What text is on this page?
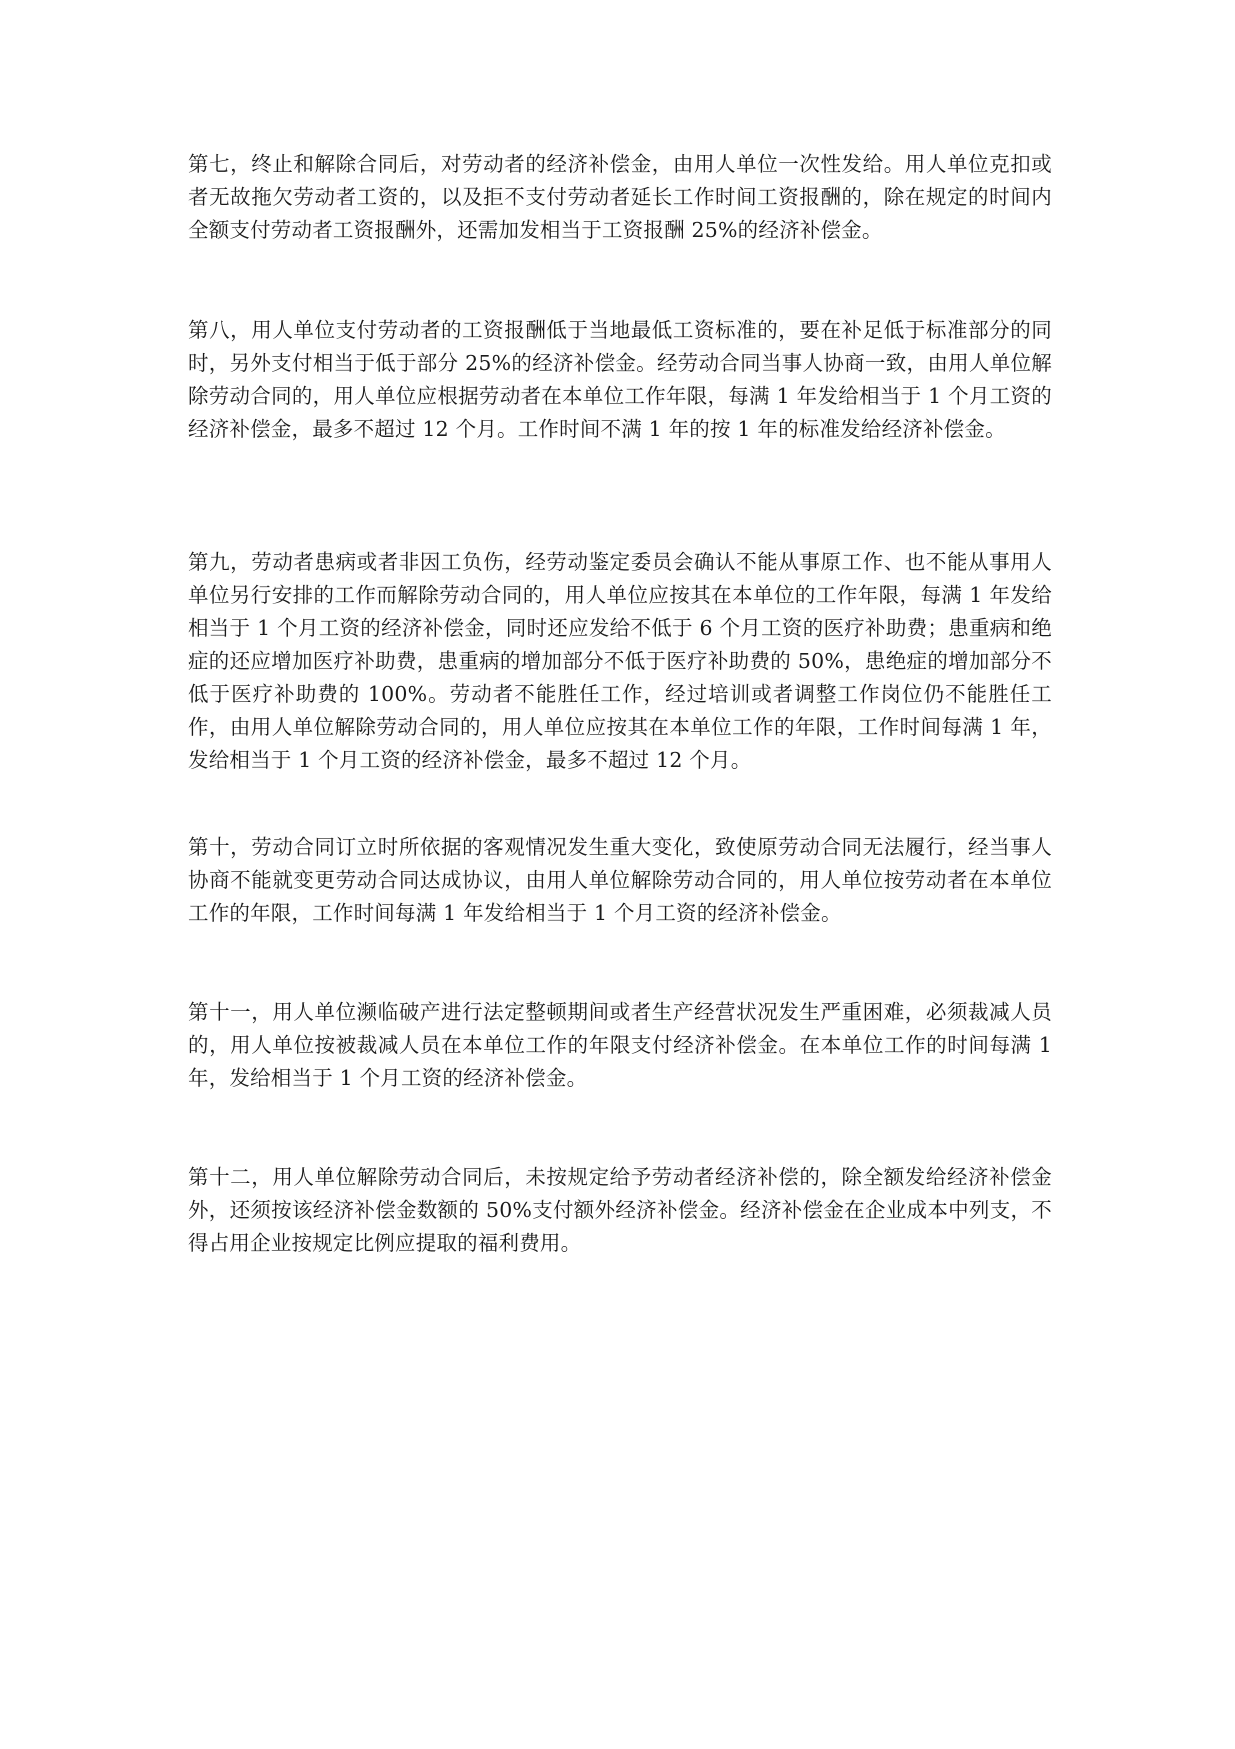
第七，终止和解除合同后，对劳动者的经济补偿金，由用人单位一次性发给。用人单位克扣或者无故拖欠劳动者工资的，以及拒不支付劳动者延长工作时间工资报酬的，除在规定的时间内全额支付劳动者工资报酬外，还需加发相当于工资报酬 25%的经济补偿金。

第八，用人单位支付劳动者的工资报酬低于当地最低工资标准的，要在补足低于标准部分的同时，另外支付相当于低于部分 25%的经济补偿金。经劳动合同当事人协商一致，由用人单位解除劳动合同的，用人单位应根据劳动者在本单位工作年限，每满 1 年发给相当于 1 个月工资的经济补偿金，最多不超过 12 个月。工作时间不满 1 年的按 1 年的标准发给经济补偿金。

第九，劳动者患病或者非因工负伤，经劳动鉴定委员会确认不能从事原工作、也不能从事用人单位另行安排的工作而解除劳动合同的，用人单位应按其在本单位的工作年限，每满 1 年发给相当于 1 个月工资的经济补偿金，同时还应发给不低于 6 个月工资的医疗补助费；患重病和绝症的还应增加医疗补助费，患重病的增加部分不低于医疗补助费的 50%，患绝症的增加部分不低于医疗补助费的 100%。劳动者不能胜任工作，经过培训或者调整工作岗位仍不能胜任工作，由用人单位解除劳动合同的，用人单位应按其在本单位工作的年限，工作时间每满 1 年，发给相当于 1 个月工资的经济补偿金，最多不超过 12 个月。

第十，劳动合同订立时所依据的客观情况发生重大变化，致使原劳动合同无法履行，经当事人协商不能就变更劳动合同达成协议，由用人单位解除劳动合同的，用人单位按劳动者在本单位工作的年限，工作时间每满 1 年发给相当于 1 个月工资的经济补偿金。

第十一，用人单位濒临破产进行法定整顿期间或者生产经营状况发生严重困难，必须裁减人员的，用人单位按被裁减人员在本单位工作的年限支付经济补偿金。在本单位工作的时间每满 1 年，发给相当于 1 个月工资的经济补偿金。

第十二，用人单位解除劳动合同后，未按规定给予劳动者经济补偿的，除全额发给经济补偿金外，还须按该经济补偿金数额的 50%支付额外经济补偿金。经济补偿金在企业成本中列支，不得占用企业按规定比例应提取的福利费用。
